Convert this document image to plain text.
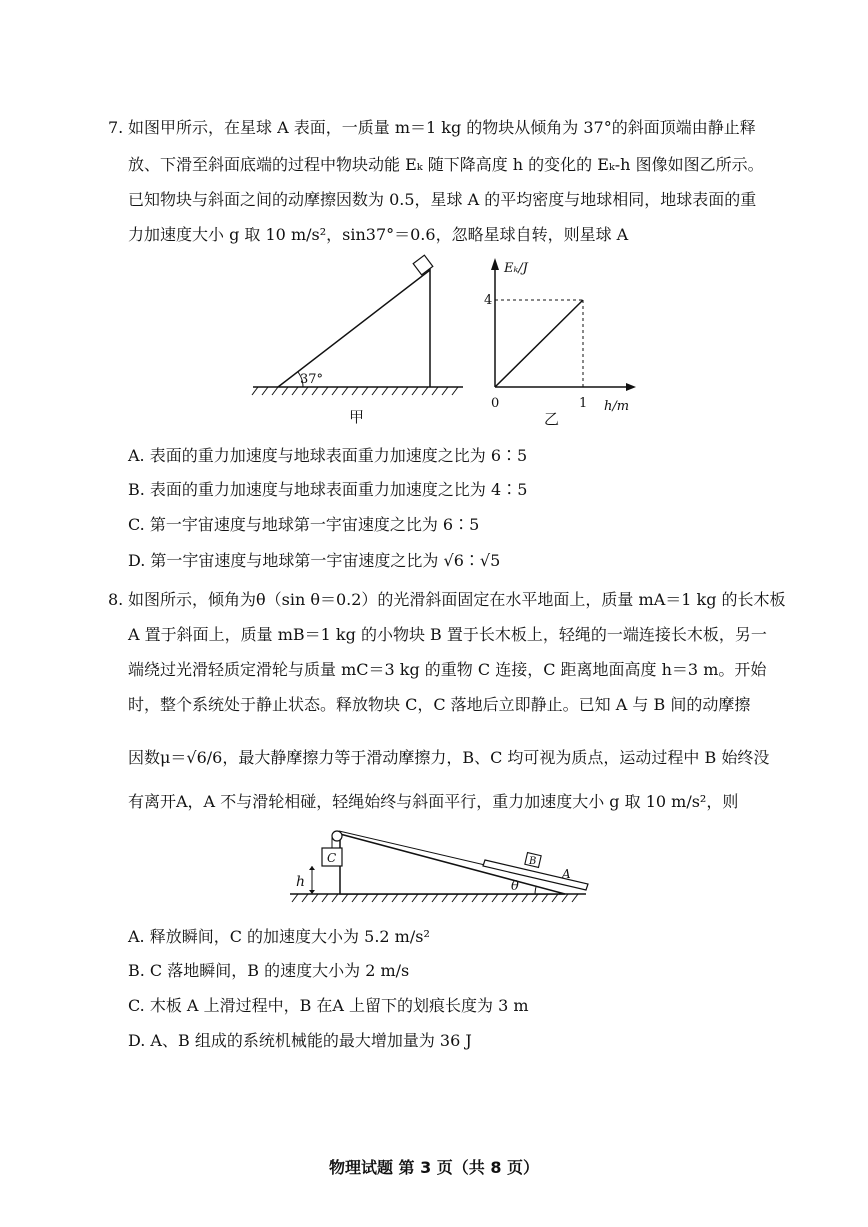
7. 如图甲所示，在星球 A 表面，一质量 m＝1 kg 的物块从倾角为 37°的斜面顶端由静止释
放、下滑至斜面底端的过程中物块动能 Eₖ 随下降高度 h 的变化的 Eₖ-h 图像如图乙所示。
已知物块与斜面之间的动摩擦因数为 0.5，星球 A 的平均密度与地球相同，地球表面的重
力加速度大小 g 取 10 m/s²，sin37°＝0.6，忽略星球自转，则星球 A
37°
甲
Eₖ/J
4
0	1 h/m
乙
A. 表面的重力加速度与地球表面重力加速度之比为 6∶5
B. 表面的重力加速度与地球表面重力加速度之比为 4∶5
C. 第一宇宙速度与地球第一宇宙速度之比为 6∶5
D. 第一宇宙速度与地球第一宇宙速度之比为 √6∶√5
8. 如图所示，倾角为θ（sin θ＝0.2）的光滑斜面固定在水平地面上，质量 mA＝1 kg 的长木板
A 置于斜面上，质量 mB＝1 kg 的小物块 B 置于长木板上，轻绳的一端连接长木板，另一
端绕过光滑轻质定滑轮与质量 mC＝3 kg 的重物 C 连接，C 距离地面高度 h＝3 m。开始
时，整个系统处于静止状态。释放物块 C，C 落地后立即静止。已知 A 与 B 间的动摩擦
因数μ＝√6/6，最大静摩擦力等于滑动摩擦力，B、C 均可视为质点，运动过程中 B 始终没
有离开A，A 不与滑轮相碰，轻绳始终与斜面平行，重力加速度大小 g 取 10 m/s²，则
C
h
B
A
θ
A. 释放瞬间，C 的加速度大小为 5.2 m/s²
B. C 落地瞬间，B 的速度大小为 2 m/s
C. 木板 A 上滑过程中，B 在A 上留下的划痕长度为 3 m
D. A、B 组成的系统机械能的最大增加量为 36 J
物理试题 第 3 页（共 8 页）
